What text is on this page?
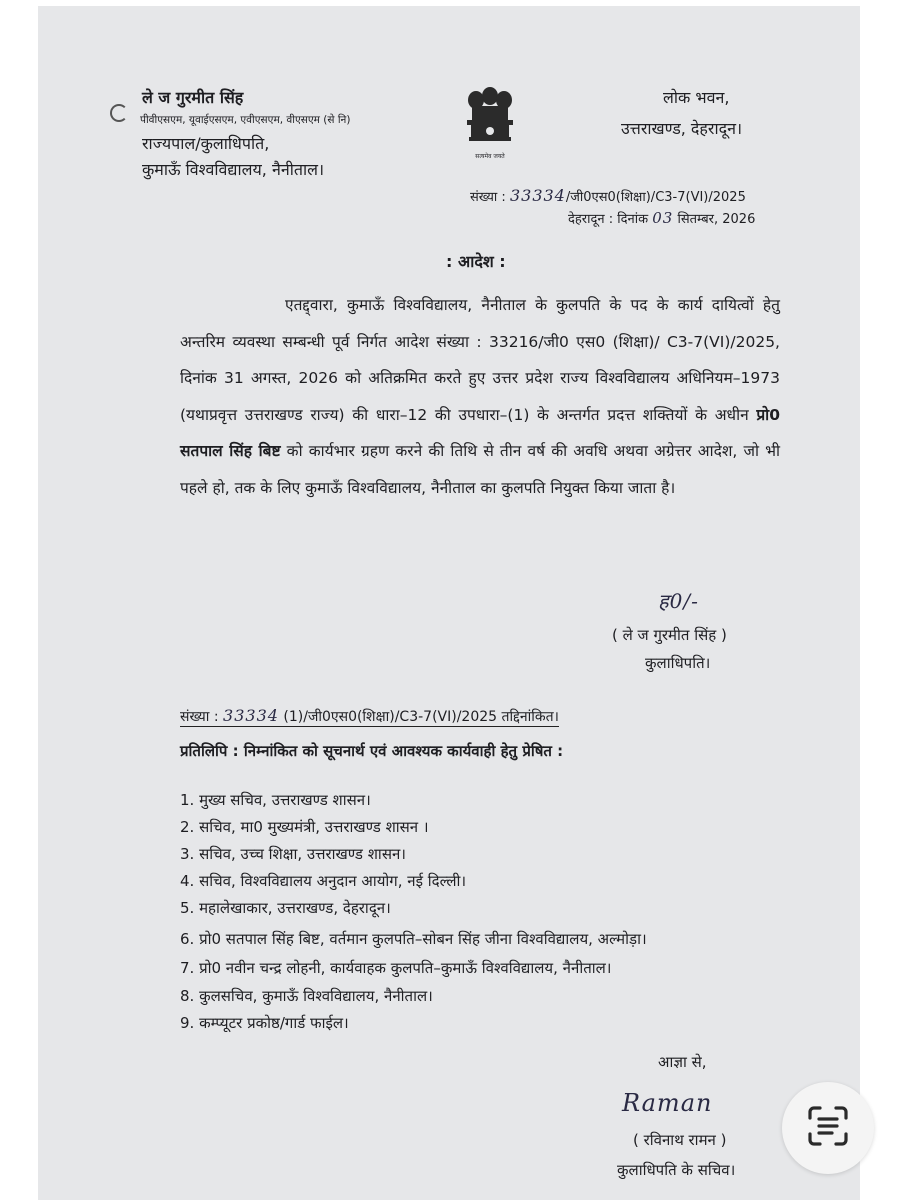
ले ज गुरमीत सिंह
पीवीएसएम, यूवाईएसएम, एवीएसएम, वीएसएम (से नि)
राज्यपाल/कुलाधिपति,
कुमाऊँ विश्वविद्यालय, नैनीताल।
सत्यमेव जयते
लोक भवन,
उत्तराखण्ड, देहरादून।
संख्या : 33334/जी0एस0(शिक्षा)/C3-7(VI)/2025
देहरादून : दिनांक 03 सितम्बर, 2026
: आदेश :
एतद्द्वारा, कुमाऊँ विश्वविद्यालय, नैनीताल के कुलपति के पद के कार्य दायित्वों हेतु अन्तरिम व्यवस्था सम्बन्धी पूर्व निर्गत आदेश संख्या : 33216/जी0 एस0 (शिक्षा)/ C3-7(VI)/2025, दिनांक 31 अगस्त, 2026 को अतिक्रमित करते हुए उत्तर प्रदेश राज्य विश्वविद्यालय अधिनियम–1973 (यथाप्रवृत्त उत्तराखण्ड राज्य) की धारा–12 की उपधारा–(1) के अन्तर्गत प्रदत्त शक्तियों के अधीन प्रो0 सतपाल सिंह बिष्ट को कार्यभार ग्रहण करने की तिथि से तीन वर्ष की अवधि अथवा अग्रेत्तर आदेश, जो भी पहले हो, तक के लिए कुमाऊँ विश्वविद्यालय, नैनीताल का कुलपति नियुक्त किया जाता है।
ह0/-
( ले ज गुरमीत सिंह )
कुलाधिपति।
संख्या : 33334 (1)/जी0एस0(शिक्षा)/C3-7(VI)/2025 तद्दिनांकित।
प्रतिलिपि : निम्नांकित को सूचनार्थ एवं आवश्यक कार्यवाही हेतु प्रेषित :
1. मुख्य सचिव, उत्तराखण्ड शासन।
2. सचिव, मा0 मुख्यमंत्री, उत्तराखण्ड शासन ।
3. सचिव, उच्च शिक्षा, उत्तराखण्ड शासन।
4. सचिव, विश्वविद्यालय अनुदान आयोग, नई दिल्ली।
5. महालेखाकार, उत्तराखण्ड, देहरादून।
6. प्रो0 सतपाल सिंह बिष्ट, वर्तमान कुलपति–सोबन सिंह जीना विश्वविद्यालय, अल्मोड़ा।
7. प्रो0 नवीन चन्द्र लोहनी, कार्यवाहक कुलपति–कुमाऊँ विश्वविद्यालय, नैनीताल।
8. कुलसचिव, कुमाऊँ विश्वविद्यालय, नैनीताल।
9. कम्प्यूटर प्रकोष्ठ/गार्ड फाईल।
आज्ञा से,
Raman
( रविनाथ रामन )
कुलाधिपति के सचिव।
